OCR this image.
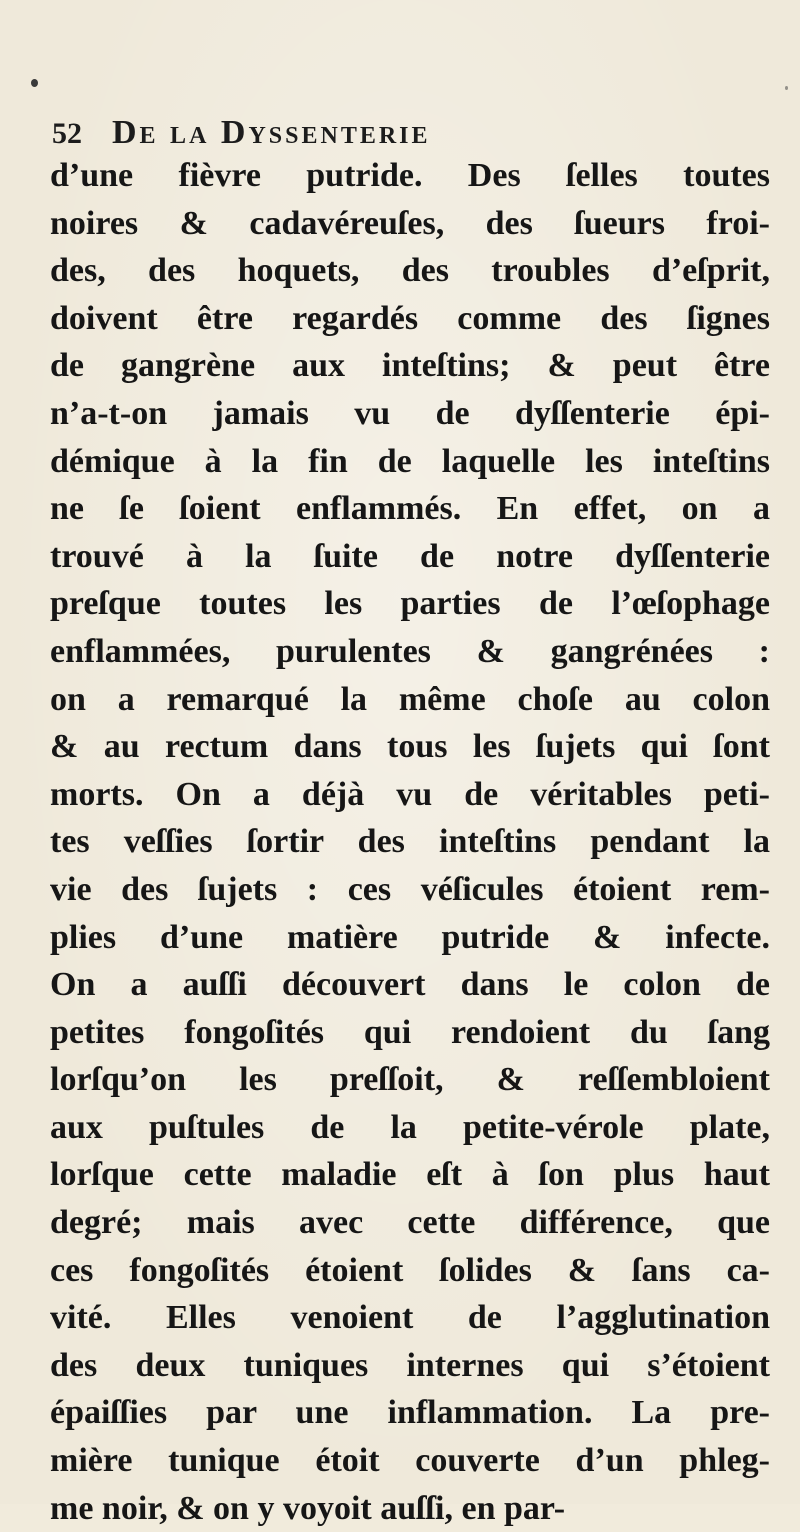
52 De la Dyssenterie
d’une fièvre putride. Des ſelles toutes
noires & cadavéreuſes, des ſueurs froi-
des, des hoquets, des troubles d’eſprit,
doivent être regardés comme des ſignes
de gangrène aux inteſtins; & peut être
n’a-t-on jamais vu de dyſſenterie épi-
démique à la fin de laquelle les inteſtins
ne ſe ſoient enflammés. En effet, on a
trouvé à la ſuite de notre dyſſenterie
preſque toutes les parties de l’œſophage
enflammées, purulentes & gangrénées :
on a remarqué la même choſe au colon
& au rectum dans tous les ſujets qui ſont
morts. On a déjà vu de véritables peti-
tes veſſies ſortir des inteſtins pendant la
vie des ſujets : ces véſicules étoient rem-
plies d’une matière putride & infecte.
On a auſſi découvert dans le colon de
petites fongoſités qui rendoient du ſang
lorſqu’on les preſſoit, & reſſembloient
aux puſtules de la petite-vérole plate,
lorſque cette maladie eſt à ſon plus haut
degré; mais avec cette différence, que
ces fongoſités étoient ſolides & ſans ca-
vité. Elles venoient de l’agglutination
des deux tuniques internes qui s’étoient
épaiſſies par une inflammation. La pre-
mière tunique étoit couverte d’un phleg-
me noir, & on y voyoit auſſi, en par-
